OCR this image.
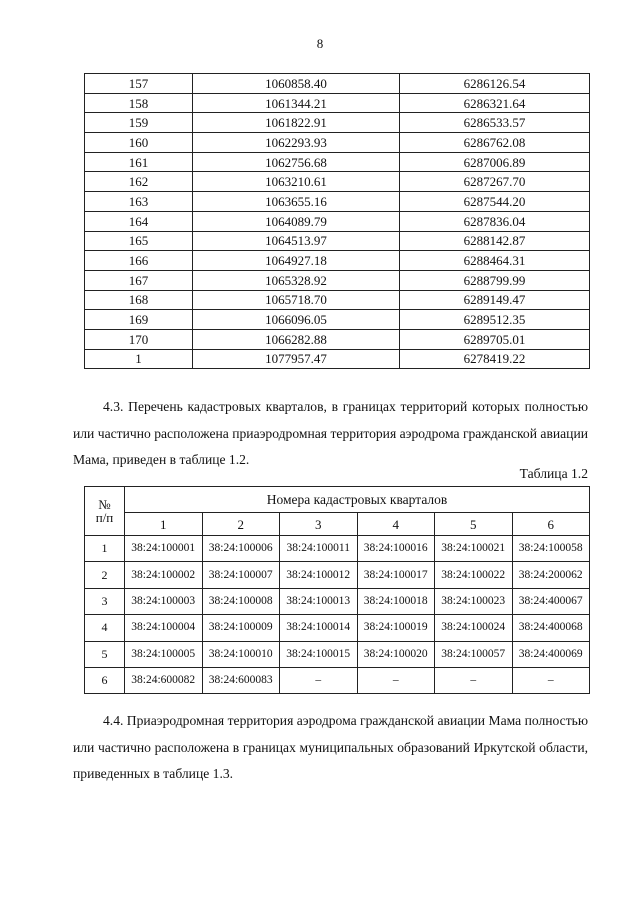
8
157	1060858.40	6286126.54
158	1061344.21	6286321.64
159	1061822.91	6286533.57
160	1062293.93	6286762.08
161	1062756.68	6287006.89
162	1063210.61	6287267.70
163	1063655.16	6287544.20
164	1064089.79	6287836.04
165	1064513.97	6288142.87
166	1064927.18	6288464.31
167	1065328.92	6288799.99
168	1065718.70	6289149.47
169	1066096.05	6289512.35
170	1066282.88	6289705.01
1	1077957.47	6278419.22
4.3. Перечень кадастровых кварталов, в границах территорий которых полностью или частично расположена приаэродромная территория аэродрома гражданской авиации Мама, приведен в таблице 1.2.
Таблица 1.2
№
п/п	Номера кадастровых кварталов					
	1	2	3	4	5	6
1	38:24:100001	38:24:100006	38:24:100011	38:24:100016	38:24:100021	38:24:100058
2	38:24:100002	38:24:100007	38:24:100012	38:24:100017	38:24:100022	38:24:200062
3	38:24:100003	38:24:100008	38:24:100013	38:24:100018	38:24:100023	38:24:400067
4	38:24:100004	38:24:100009	38:24:100014	38:24:100019	38:24:100024	38:24:400068
5	38:24:100005	38:24:100010	38:24:100015	38:24:100020	38:24:100057	38:24:400069
6	38:24:600082	38:24:600083	–	–	–	–
4.4. Приаэродромная территория аэродрома гражданской авиации Мама полностью или частично расположена в границах муниципальных образований Иркутской области, приведенных в таблице 1.3.
